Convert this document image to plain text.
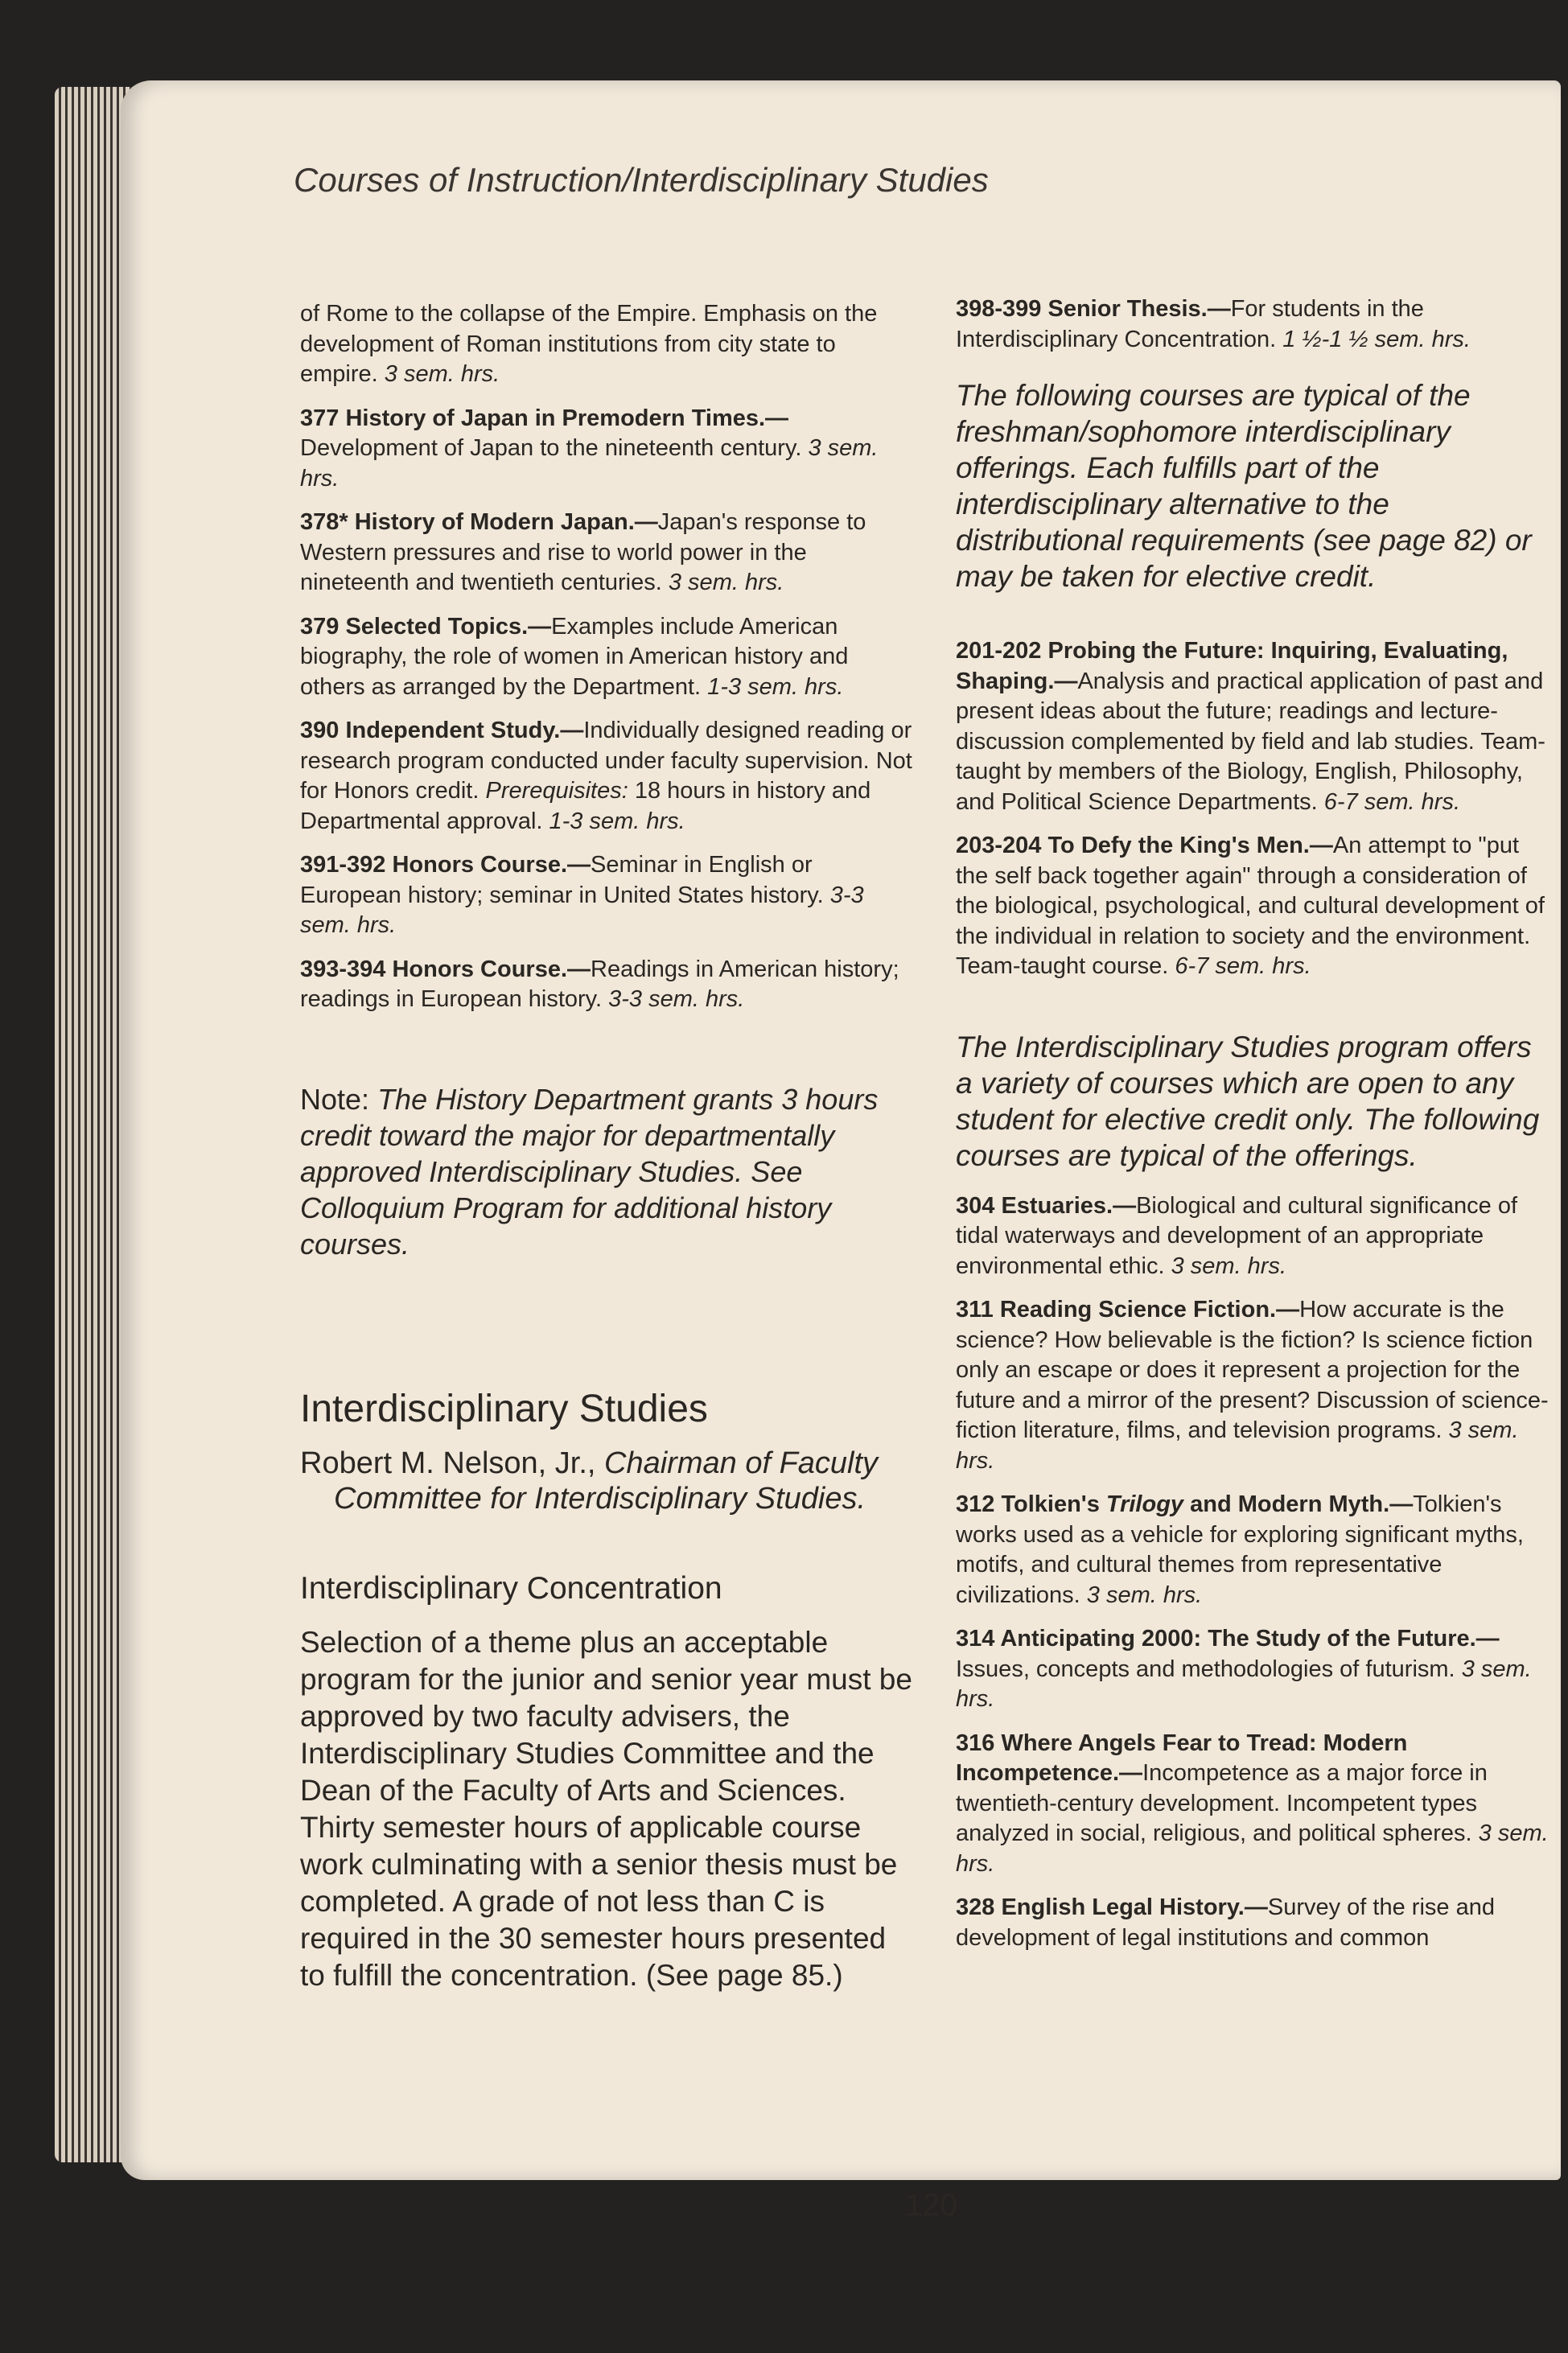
Courses of Instruction/Interdisciplinary Studies

of Rome to the collapse of the Empire. Emphasis on the development of Roman institutions from city state to empire. 3 sem. hrs.

377 History of Japan in Premodern Times.—Development of Japan to the nineteenth century. 3 sem. hrs.

378* History of Modern Japan.—Japan's response to Western pressures and rise to world power in the nineteenth and twentieth centuries. 3 sem. hrs.

379 Selected Topics.—Examples include American biography, the role of women in American history and others as arranged by the Department. 1-3 sem. hrs.

390 Independent Study.—Individually designed reading or research program conducted under faculty supervision. Not for Honors credit. Prerequisites: 18 hours in history and Departmental approval. 1-3 sem. hrs.

391-392 Honors Course.—Seminar in English or European history; seminar in United States history. 3-3 sem. hrs.

393-394 Honors Course.—Readings in American history; readings in European history. 3-3 sem. hrs.

Note: The History Department grants 3 hours credit toward the major for departmentally approved Interdisciplinary Studies. See Colloquium Program for additional history courses.

Interdisciplinary Studies

Robert M. Nelson, Jr., Chairman of Faculty Committee for Interdisciplinary Studies.

Interdisciplinary Concentration

Selection of a theme plus an acceptable program for the junior and senior year must be approved by two faculty advisers, the Interdisciplinary Studies Committee and the Dean of the Faculty of Arts and Sciences. Thirty semester hours of applicable course work culminating with a senior thesis must be completed. A grade of not less than C is required in the 30 semester hours presented to fulfill the concentration. (See page 85.)

398-399 Senior Thesis.—For students in the Interdisciplinary Concentration. 1 ½-1 ½ sem. hrs.

The following courses are typical of the freshman/sophomore interdisciplinary offerings. Each fulfills part of the interdisciplinary alternative to the distributional requirements (see page 82) or may be taken for elective credit.

201-202 Probing the Future: Inquiring, Evaluating, Shaping.—Analysis and practical application of past and present ideas about the future; readings and lecture-discussion complemented by field and lab studies. Team-taught by members of the Biology, English, Philosophy, and Political Science Departments. 6-7 sem. hrs.

203-204 To Defy the King's Men.—An attempt to "put the self back together again" through a consideration of the biological, psychological, and cultural development of the individual in relation to society and the environment. Team-taught course. 6-7 sem. hrs.

The Interdisciplinary Studies program offers a variety of courses which are open to any student for elective credit only. The following courses are typical of the offerings.

304 Estuaries.—Biological and cultural significance of tidal waterways and development of an appropriate environmental ethic. 3 sem. hrs.

311 Reading Science Fiction.—How accurate is the science? How believable is the fiction? Is science fiction only an escape or does it represent a projection for the future and a mirror of the present? Discussion of science-fiction literature, films, and television programs. 3 sem. hrs.

312 Tolkien's Trilogy and Modern Myth.—Tolkien's works used as a vehicle for exploring significant myths, motifs, and cultural themes from representative civilizations. 3 sem. hrs.

314 Anticipating 2000: The Study of the Future.—Issues, concepts and methodologies of futurism. 3 sem. hrs.

316 Where Angels Fear to Tread: Modern Incompetence.—Incompetence as a major force in twentieth-century development. Incompetent types analyzed in social, religious, and political spheres. 3 sem. hrs.

328 English Legal History.—Survey of the rise and development of legal institutions and common

120
